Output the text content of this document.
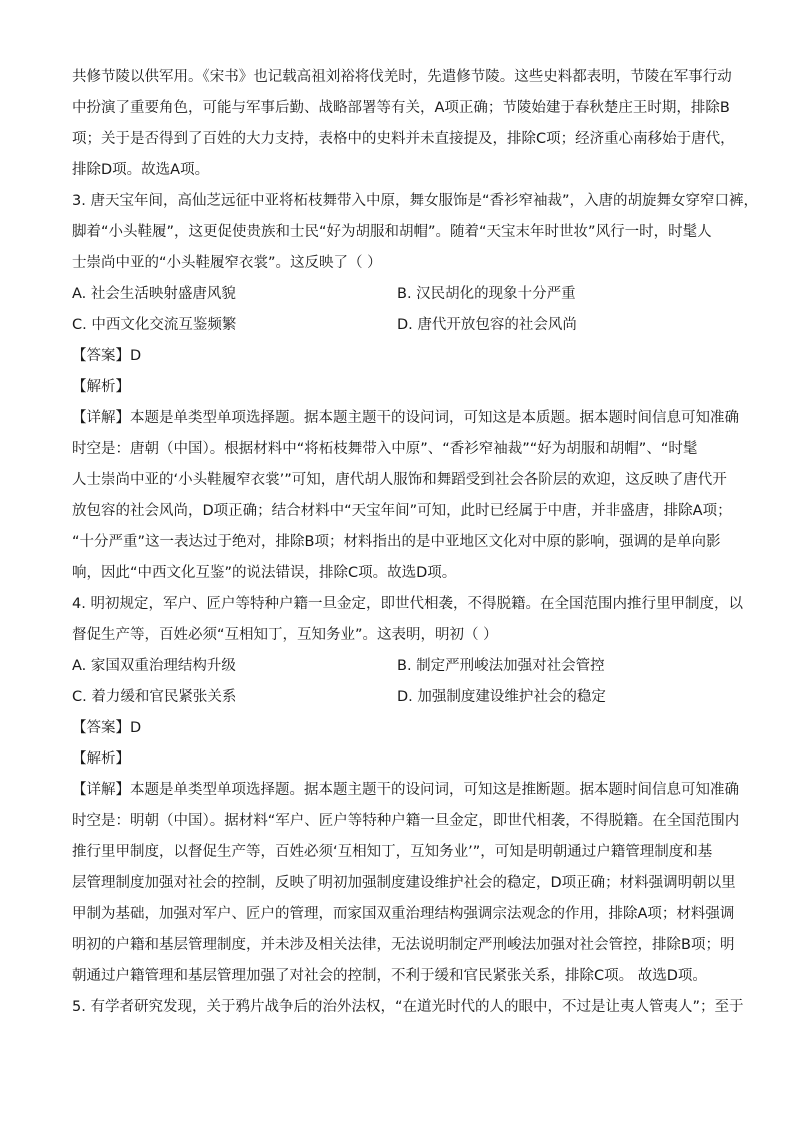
共修节陵以供军用。《宋书》也记载高祖刘裕将伐羌时，先遣修节陵。这些史料都表明，节陵在军事行动
中扮演了重要角色，可能与军事后勤、战略部署等有关，A项正确；节陵始建于春秋楚庄王时期，排除B
项；关于是否得到了百姓的大力支持，表格中的史料并未直接提及，排除C项；经济重心南移始于唐代，
排除D项。故选A项。
3. 唐天宝年间，高仙芝远征中亚将柘枝舞带入中原，舞女服饰是“香衫窄袖裁”，入唐的胡旋舞女穿窄口裤，
脚着“小头鞋履”，这更促使贵族和士民“好为胡服和胡帽”。随着“天宝末年时世妆”风行一时，时髦人
士崇尚中亚的“小头鞋履窄衣裳”。这反映了（ ）
A. 社会生活映射盛唐风貌	B. 汉民胡化的现象十分严重
C. 中西文化交流互鉴频繁	D. 唐代开放包容的社会风尚
【答案】D
【解析】
【详解】本题是单类型单项选择题。据本题主题干的设问词，可知这是本质题。据本题时间信息可知准确
时空是：唐朝（中国）。根据材料中“将柘枝舞带入中原”、“香衫窄袖裁”“好为胡服和胡帽”、“时髦
人士崇尚中亚的‘小头鞋履窄衣裳’”可知，唐代胡人服饰和舞蹈受到社会各阶层的欢迎，这反映了唐代开
放包容的社会风尚，D项正确；结合材料中“天宝年间”可知，此时已经属于中唐，并非盛唐，排除A项；
“十分严重”这一表达过于绝对，排除B项；材料指出的是中亚地区文化对中原的影响，强调的是单向影
响，因此“中西文化互鉴”的说法错误，排除C项。故选D项。
4. 明初规定，军户、匠户等特种户籍一旦金定，即世代相袭，不得脱籍。在全国范围内推行里甲制度，以
督促生产等，百姓必须“互相知丁，互知务业”。这表明，明初（ ）
A. 家国双重治理结构升级	B. 制定严刑峻法加强对社会管控
C. 着力缓和官民紧张关系	D. 加强制度建设维护社会的稳定
【答案】D
【解析】
【详解】本题是单类型单项选择题。据本题主题干的设问词，可知这是推断题。据本题时间信息可知准确
时空是：明朝（中国）。据材料“军户、匠户等特种户籍一旦金定，即世代相袭，不得脱籍。在全国范围内
推行里甲制度，以督促生产等，百姓必须‘互相知丁，互知务业’”，可知是明朝通过户籍管理制度和基
层管理制度加强对社会的控制，反映了明初加强制度建设维护社会的稳定，D项正确；材料强调明朝以里
甲制为基础，加强对军户、匠户的管理，而家国双重治理结构强调宗法观念的作用，排除A项；材料强调
明初的户籍和基层管理制度，并未涉及相关法律，无法说明制定严刑峻法加强对社会管控，排除B项；明
朝通过户籍管理和基层管理加强了对社会的控制，不利于缓和官民紧张关系，排除C项。 故选D项。
5. 有学者研究发现，关于鸦片战争后的治外法权，“在道光时代的人的眼中，不过是让夷人管夷人”；至于
